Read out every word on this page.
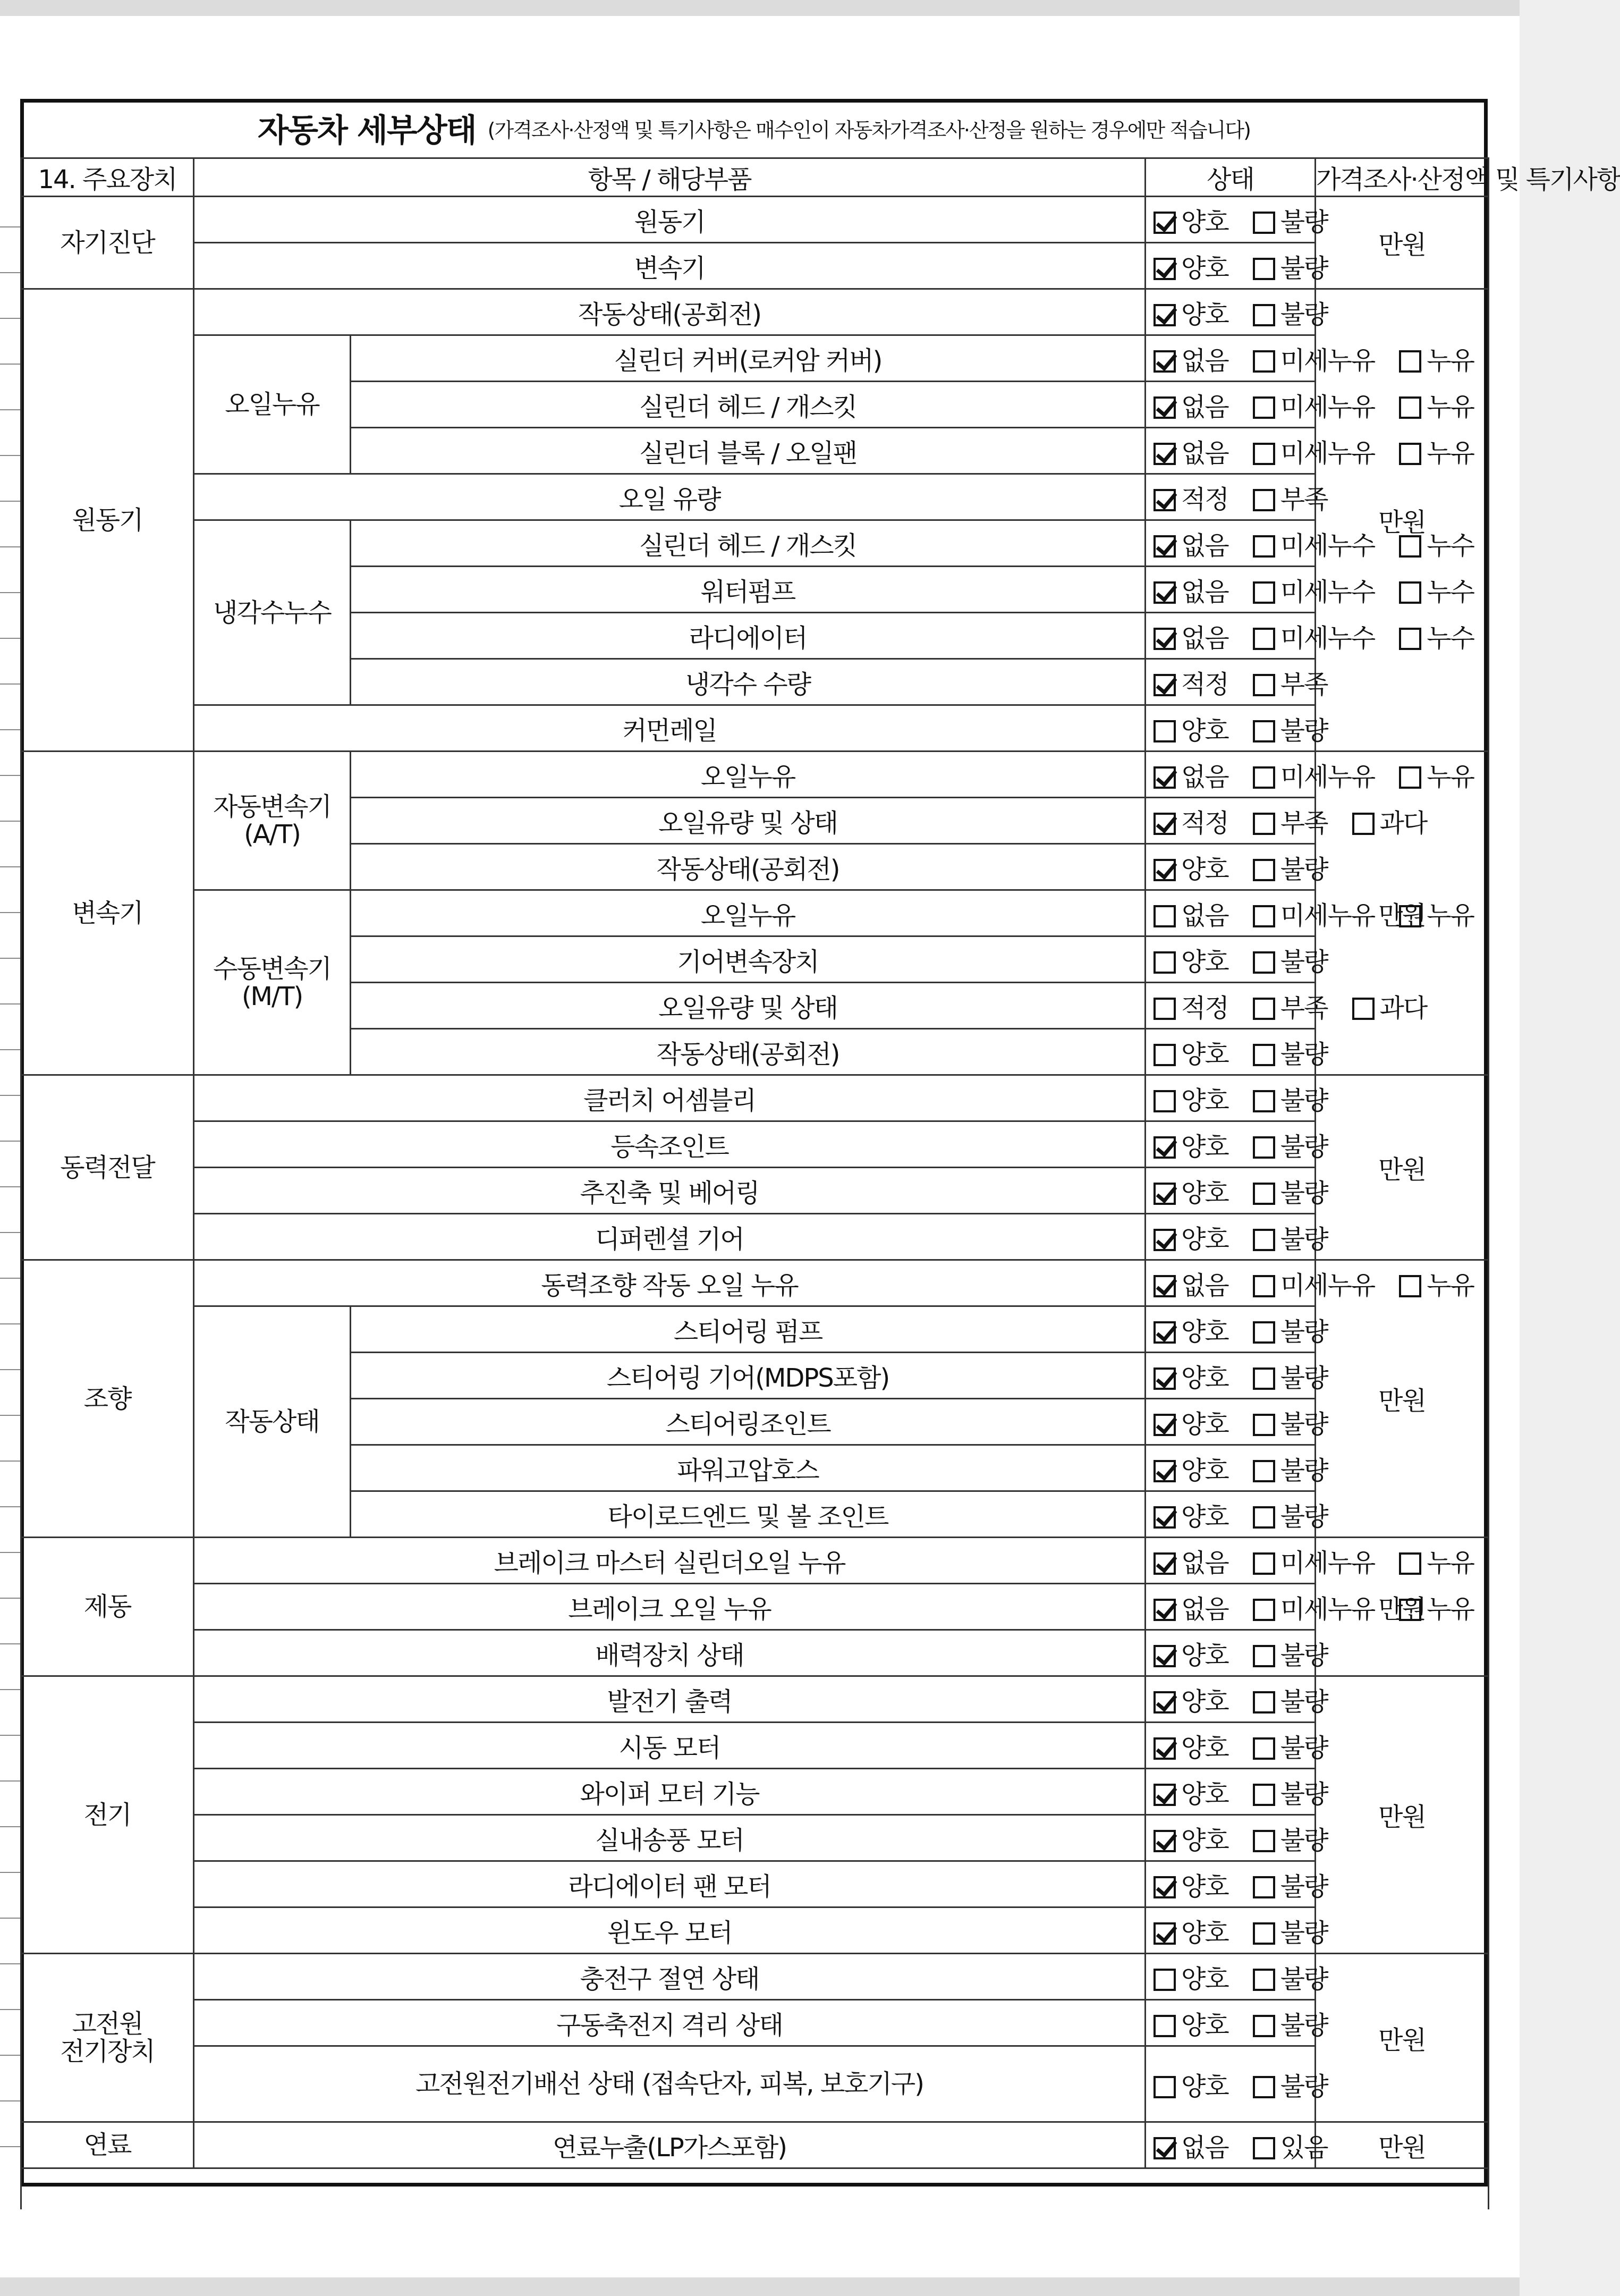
자동차 세부상태 (가격조사·산정액 및 특기사항은 매수인이 자동차가격조사·산정을 원하는 경우에만 적습니다)
14. 주요장치	항목 / 해당부품		상태	가격조사·산정액 및 특기사항	
자기진단	원동기		양호 불량	만원	
	변속기		양호 불량		
원동기	작동상태(공회전)		양호 불량	만원	
	오일누유	실린더 커버(로커암 커버)	없음 미세누유 누유		
		실린더 헤드 / 개스킷	없음 미세누유 누유		
		실린더 블록 / 오일팬	없음 미세누유 누유		
	오일 유량		적정 부족		
	냉각수누수	실린더 헤드 / 개스킷	없음 미세누수 누수		
		워터펌프	없음 미세누수 누수		
		라디에이터	없음 미세누수 누수		
		냉각수 수량	적정 부족		
	커먼레일		양호 불량		
변속기	자동변속기 (A/T)	오일누유	없음 미세누유 누유	만원	
		오일유량 및 상태	적정 부족 과다		
		작동상태(공회전)	양호 불량		
	수동변속기 (M/T)	오일누유	없음 미세누유 누유		
		기어변속장치	양호 불량		
		오일유량 및 상태	적정 부족 과다		
		작동상태(공회전)	양호 불량		
동력전달	클러치 어셈블리		양호 불량	만원	
	등속조인트		양호 불량		
	추진축 및 베어링		양호 불량		
	디퍼렌셜 기어		양호 불량		
조향	동력조향 작동 오일 누유		없음 미세누유 누유	만원	
	작동상태	스티어링 펌프	양호 불량		
		스티어링 기어(MDPS포함)	양호 불량		
		스티어링조인트	양호 불량		
		파워고압호스	양호 불량		
		타이로드엔드 및 볼 조인트	양호 불량		
제동	브레이크 마스터 실린더오일 누유		없음 미세누유 누유	만원	
	브레이크 오일 누유		없음 미세누유 누유		
	배력장치 상태		양호 불량		
전기	발전기 출력		양호 불량	만원	
	시동 모터		양호 불량		
	와이퍼 모터 기능		양호 불량		
	실내송풍 모터		양호 불량		
	라디에이터 팬 모터		양호 불량		
	윈도우 모터		양호 불량		
고전원 전기장치	충전구 절연 상태		양호 불량	만원	
	구동축전지 격리 상태		양호 불량		
	고전원전기배선 상태 (접속단자, 피복, 보호기구)		양호 불량		
연료	연료누출(LP가스포함)		없음 있음	만원	
